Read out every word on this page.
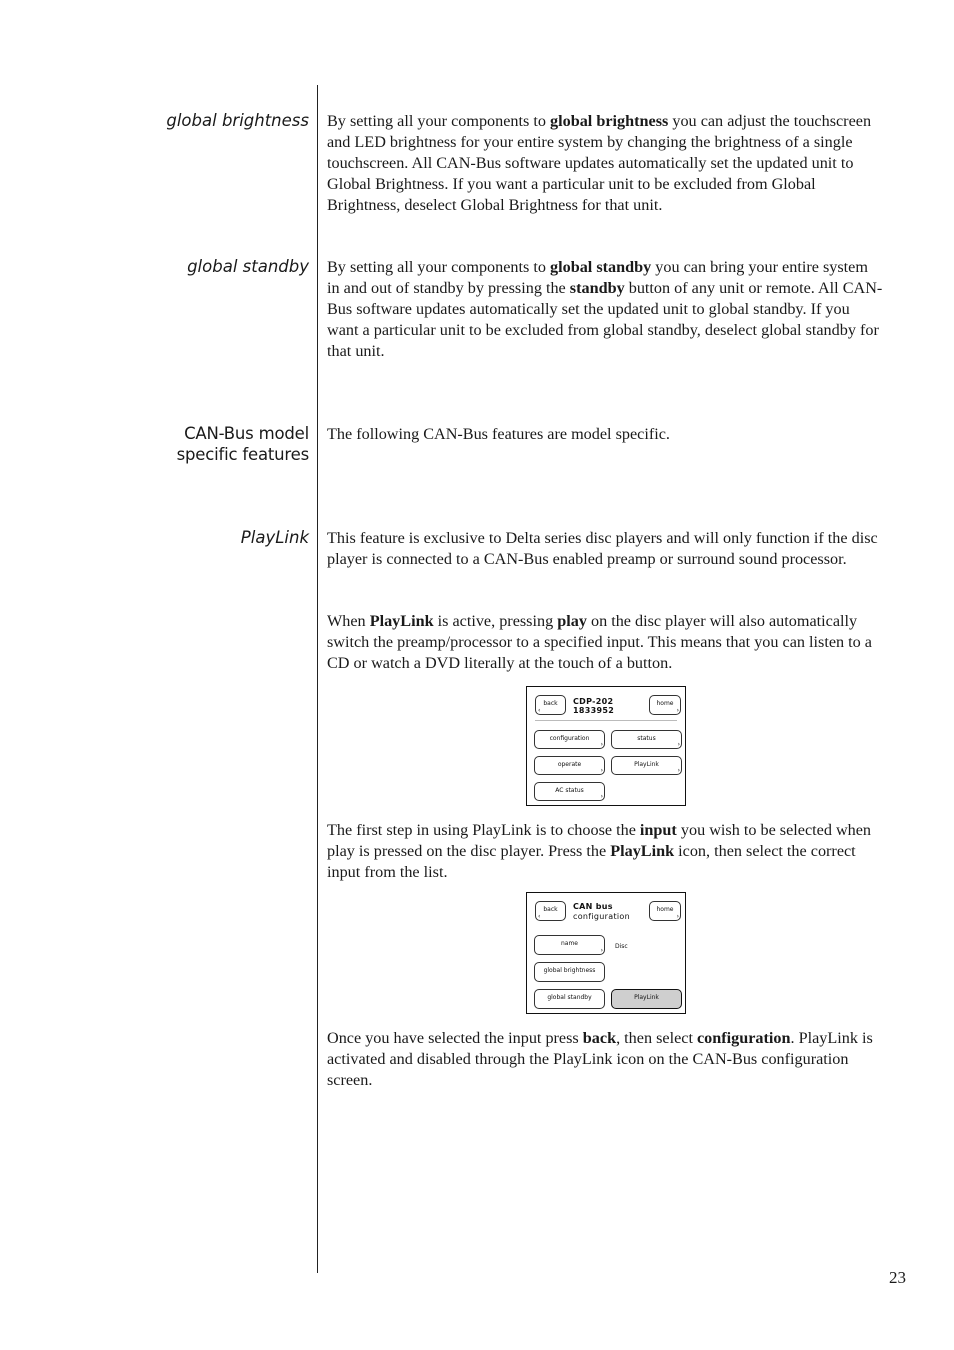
global brightness By setting all your components to global brightness you can adjust the touchscreen and LED brightness for your entire system by changing the brightness of a single touchscreen. All CAN-Bus software updates automatically set the updated unit to Global Brightness. If you want a particular unit to be excluded from Global Brightness, deselect Global Brightness for that unit.

global standby By setting all your components to global standby you can bring your entire system in and out of standby by pressing the standby button of any unit or remote. All CAN-Bus software updates automatically set the updated unit to global standby. If you want a particular unit to be excluded from global standby, deselect global standby for that unit.

CAN-Bus model
specific features

The following CAN-Bus features are model specific.

PlayLink This feature is exclusive to Delta series disc players and will only function if the disc player is connected to a CAN-Bus enabled preamp or surround sound processor.

When PlayLink is active, pressing play on the disc player will also automatically switch the preamp/processor to a specified input. This means that you can listen to a CD or watch a DVD literally at the touch of a button.

back
‹
CDP-202
1833952
home
›
configuration
›
status
›
operate
›
PlayLink
›
AC status
›

The first step in using PlayLink is to choose the input you wish to be selected when play is pressed on the disc player. Press the PlayLink icon, then select the correct input from the list.

back
‹
CAN bus
configuration
home
›
name
›
Disc
global brightness
global standby	PlayLink

Once you have selected the input press back, then select configuration. PlayLink is activated and disabled through the PlayLink icon on the CAN-Bus configuration screen.

23
